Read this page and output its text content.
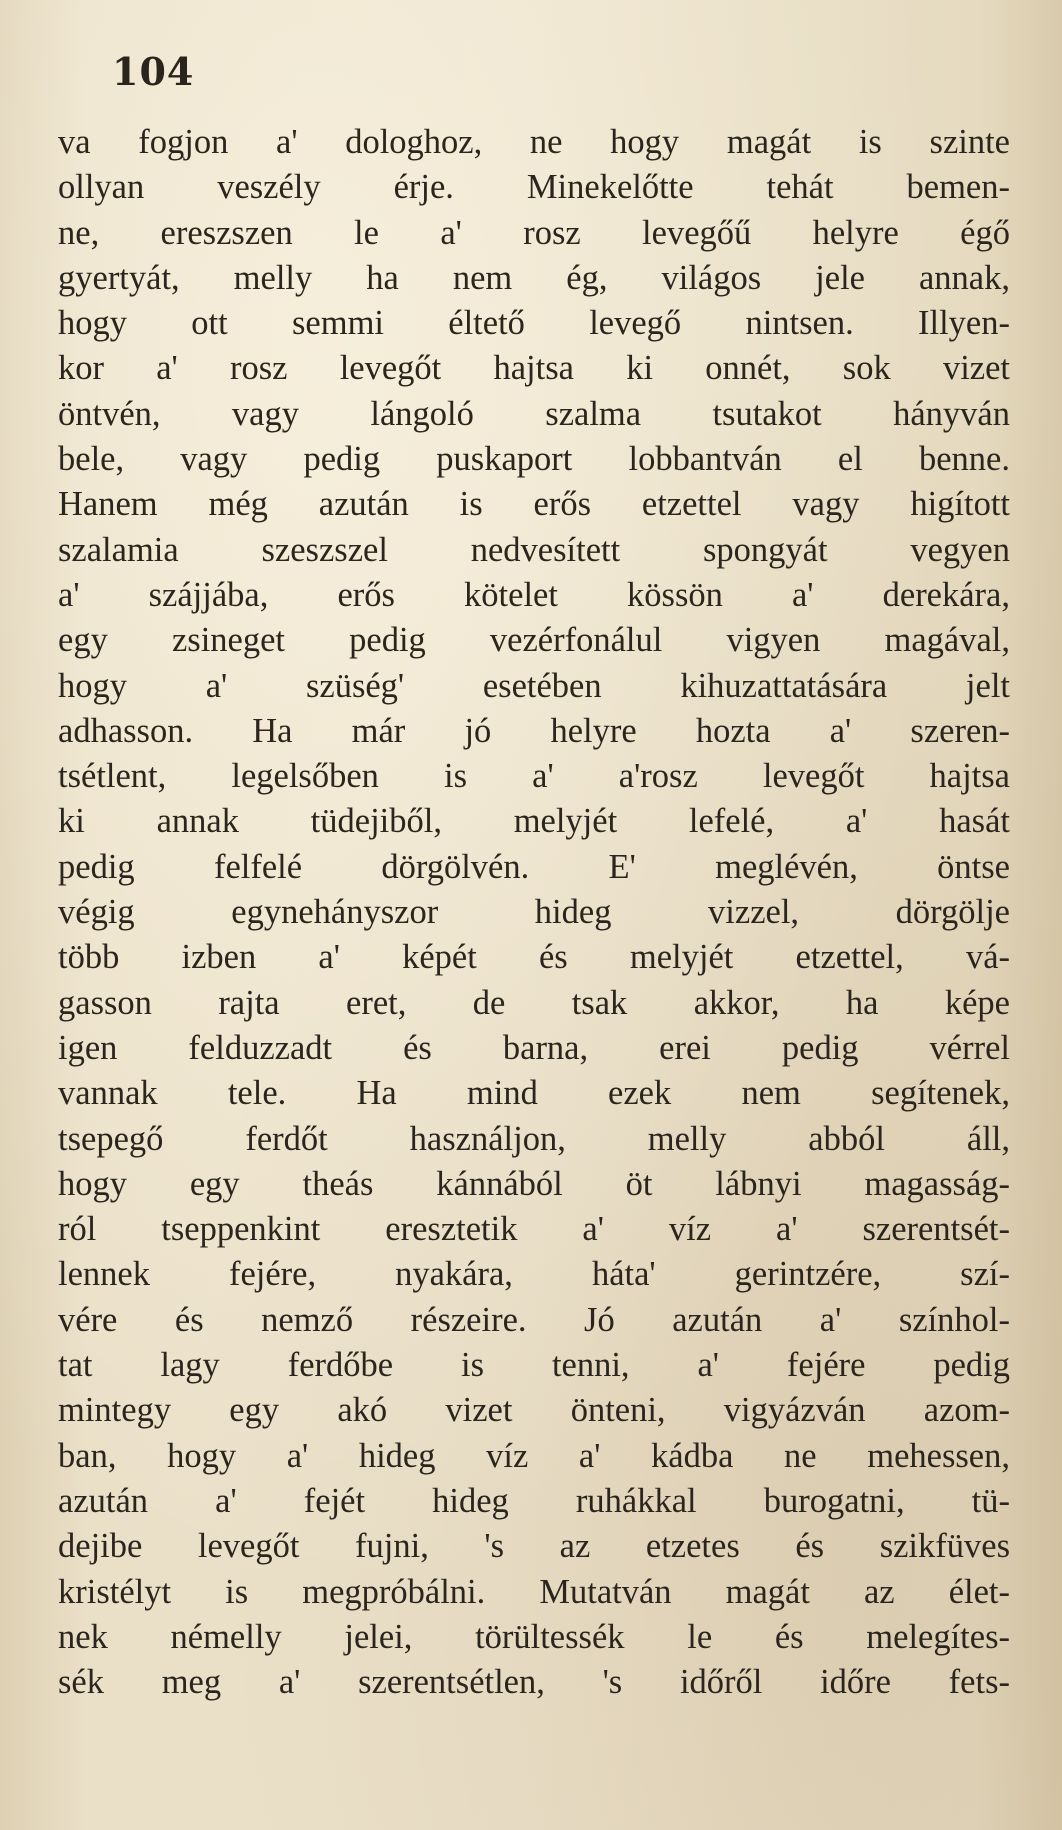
104
va fogjon a' dologhoz, ne hogy magát is szinte
ollyan veszély érje. Minekelőtte tehát bemen-
ne, ereszszen le a' rosz levegőű helyre égő
gyertyát, melly ha nem ég, világos jele annak,
hogy ott semmi éltető levegő nintsen. Illyen-
kor a' rosz levegőt hajtsa ki onnét, sok vizet
öntvén, vagy lángoló szalma tsutakot hányván
bele, vagy pedig puskaport lobbantván el benne.
Hanem még azután is erős etzettel vagy higított
szalamia szeszszel nedvesített spongyát vegyen
a' szájjába, erős kötelet kössön a' derekára,
egy zsineget pedig vezérfonálul vigyen magával,
hogy a' szüség' esetében kihuzattatására jelt
adhasson. Ha már jó helyre hozta a' szeren-
tsétlent, legelsőben is a' a'rosz levegőt hajtsa
ki annak tüdejiből, melyjét lefelé, a' hasát
pedig felfelé dörgölvén. E' meglévén, öntse
végig egynehányszor hideg vizzel, dörgölje
több izben a' képét és melyjét etzettel, vá-
gasson rajta eret, de tsak akkor, ha képe
igen felduzzadt és barna, erei pedig vérrel
vannak tele. Ha mind ezek nem segítenek,
tsepegő ferdőt használjon, melly abból áll,
hogy egy theás kánnából öt lábnyi magasság-
ról tseppenkint eresztetik a' víz a' szerentsét-
lennek fejére, nyakára, háta' gerintzére, szí-
vére és nemző részeire. Jó azután a' színhol-
tat lagy ferdőbe is tenni, a' fejére pedig
mintegy egy akó vizet önteni, vigyázván azom-
ban, hogy a' hideg víz a' kádba ne mehessen,
azután a' fejét hideg ruhákkal burogatni, tü-
dejibe levegőt fujni, 's az etzetes és szikfüves
kristélyt is megpróbálni. Mutatván magát az élet-
nek némelly jelei, törültessék le és melegítes-
sék meg a' szerentsétlen, 's időről időre fets-
